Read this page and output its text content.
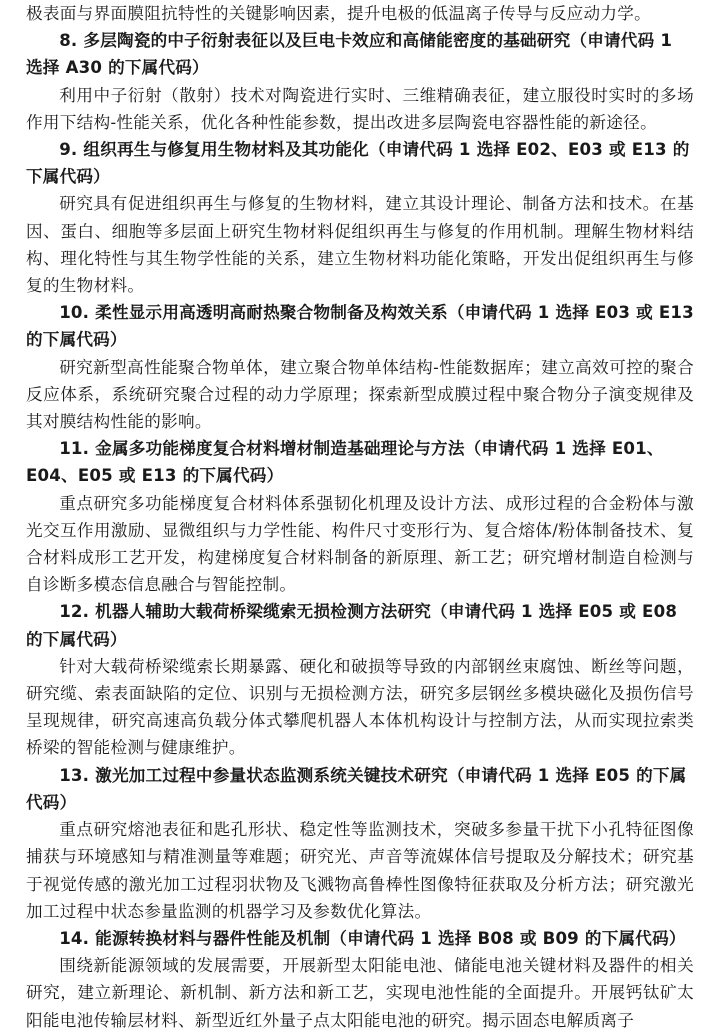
极表面与界面膜阻抗特性的关键影响因素，提升电极的低温离子传导与反应动力学。

8. 多层陶瓷的中子衍射表征以及巨电卡效应和高储能密度的基础研究（申请代码 1 选择 A30 的下属代码）

利用中子衍射（散射）技术对陶瓷进行实时、三维精确表征，建立服役时实时的多场作用下结构-性能关系，优化各种性能参数，提出改进多层陶瓷电容器性能的新途径。

9. 组织再生与修复用生物材料及其功能化（申请代码 1 选择 E02、E03 或 E13 的下属代码）

研究具有促进组织再生与修复的生物材料，建立其设计理论、制备方法和技术。在基因、蛋白、细胞等多层面上研究生物材料促组织再生与修复的作用机制。理解生物材料结构、理化特性与其生物学性能的关系，建立生物材料功能化策略，开发出促组织再生与修复的生物材料。

10. 柔性显示用高透明高耐热聚合物制备及构效关系（申请代码 1 选择 E03 或 E13 的下属代码）

研究新型高性能聚合物单体，建立聚合物单体结构-性能数据库；建立高效可控的聚合反应体系，系统研究聚合过程的动力学原理；探索新型成膜过程中聚合物分子演变规律及其对膜结构性能的影响。

11. 金属多功能梯度复合材料增材制造基础理论与方法（申请代码 1 选择 E01、E04、E05 或 E13 的下属代码）

重点研究多功能梯度复合材料体系强韧化机理及设计方法、成形过程的合金粉体与激光交互作用激励、显微组织与力学性能、构件尺寸变形行为、复合熔体/粉体制备技术、复合材料成形工艺开发，构建梯度复合材料制备的新原理、新工艺；研究增材制造自检测与自诊断多模态信息融合与智能控制。

12. 机器人辅助大载荷桥梁缆索无损检测方法研究（申请代码 1 选择 E05 或 E08 的下属代码）

针对大载荷桥梁缆索长期暴露、硬化和破损等导致的内部钢丝束腐蚀、断丝等问题，研究缆、索表面缺陷的定位、识别与无损检测方法，研究多层钢丝多模块磁化及损伤信号呈现规律，研究高速高负载分体式攀爬机器人本体机构设计与控制方法，从而实现拉索类桥梁的智能检测与健康维护。

13. 激光加工过程中参量状态监测系统关键技术研究（申请代码 1 选择 E05 的下属代码）

重点研究熔池表征和匙孔形状、稳定性等监测技术，突破多参量干扰下小孔特征图像捕获与环境感知与精准测量等难题；研究光、声音等流媒体信号提取及分解技术；研究基于视觉传感的激光加工过程羽状物及飞溅物高鲁棒性图像特征获取及分析方法；研究激光加工过程中状态参量监测的机器学习及参数优化算法。

14. 能源转换材料与器件性能及机制（申请代码 1 选择 B08 或 B09 的下属代码）

围绕新能源领域的发展需要，开展新型太阳能电池、储能电池关键材料及器件的相关研究，建立新理论、新机制、新方法和新工艺，实现电池性能的全面提升。开展钙钛矿太阳能电池传输层材料、新型近红外量子点太阳能电池的研究。揭示固态电解质离子
